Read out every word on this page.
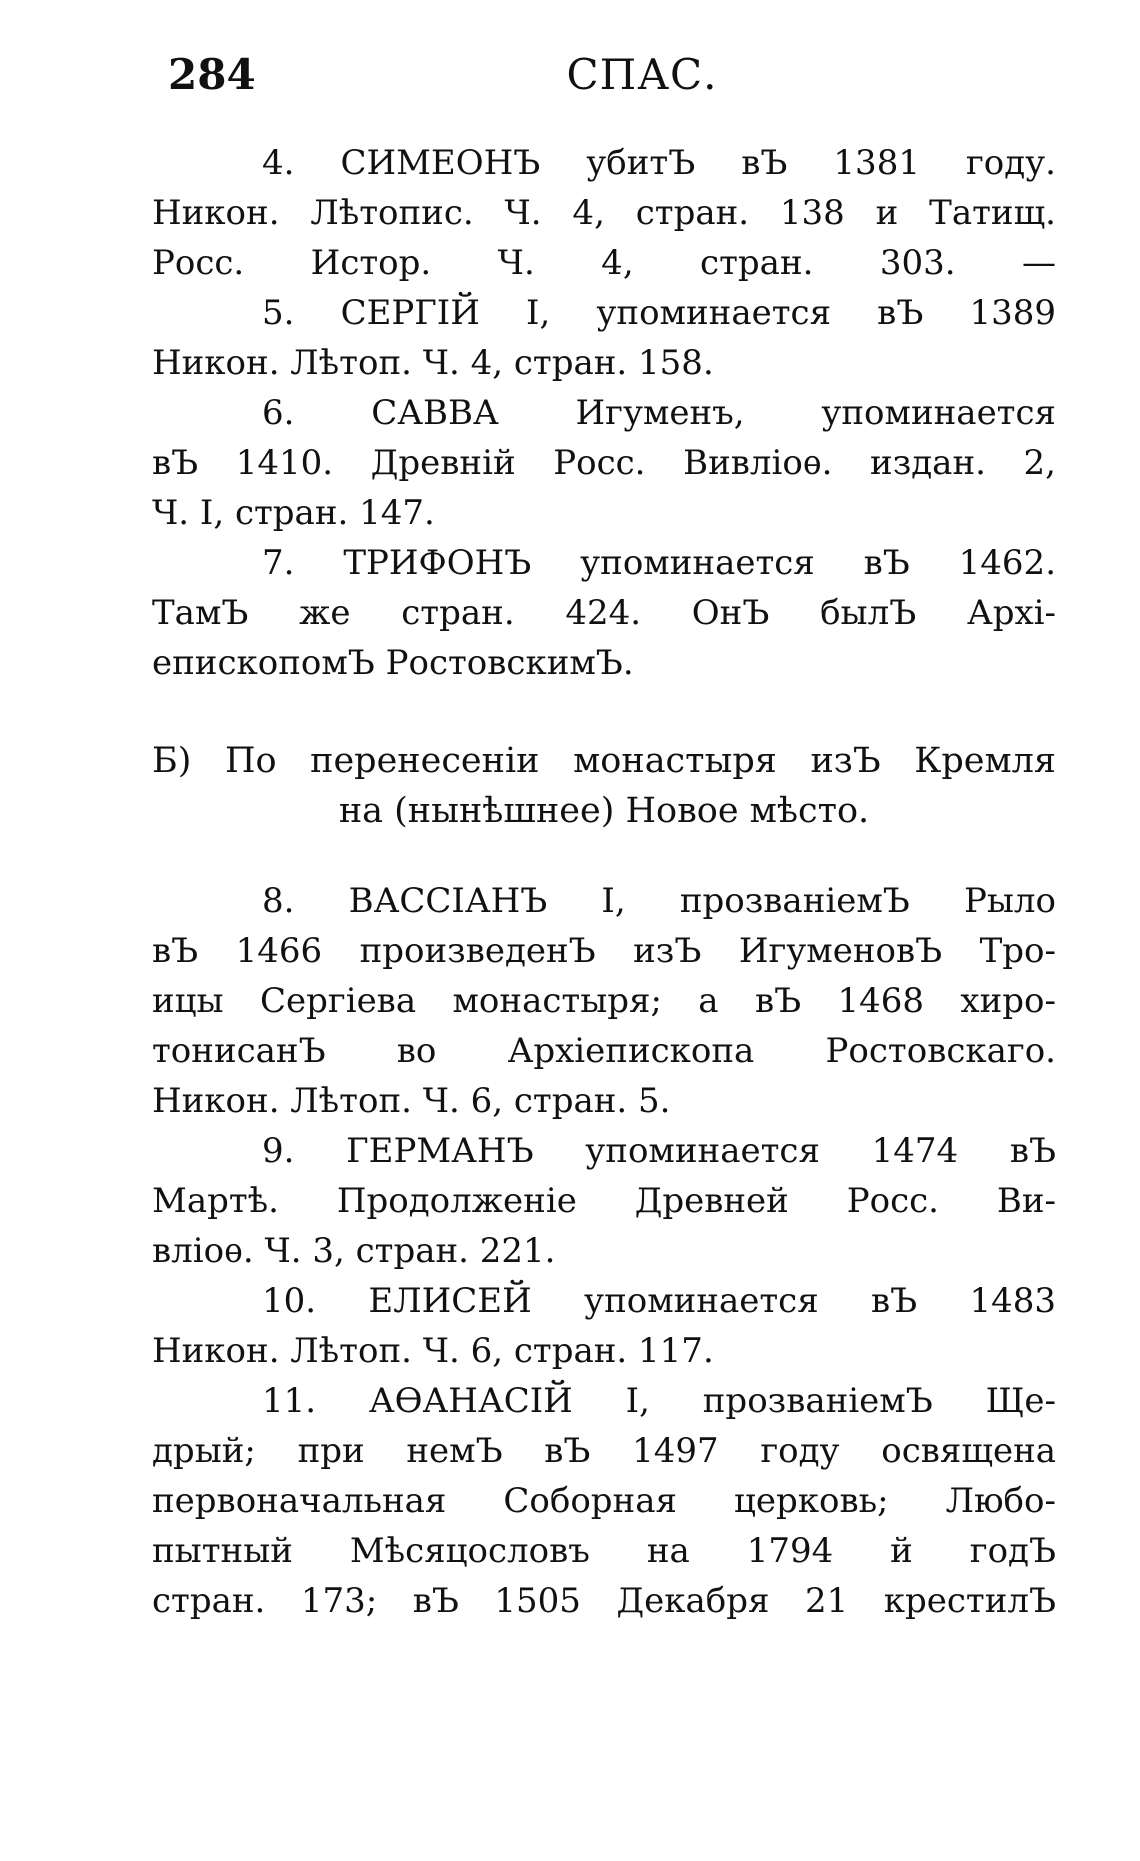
284	СПАС.
4. СИМЕОНЪ убитЪ вЪ 1381 году.
Никон. Лѣтопис. Ч. 4, стран. 138 и Татищ.
Росс. Истор. Ч. 4, стран. 303. —
5. СЕРГІЙ I, упоминается вЪ 1389
Никон. Лѣтоп. Ч. 4, стран. 158.
6. САВВА Игуменъ, упоминается
вЪ 1410. Древній Росс. Вивліоѳ. издан. 2,
Ч. I, стран. 147.
7. ТРИФОНЪ упоминается вЪ 1462.
ТамЪ же стран. 424. ОнЪ былЪ Архі-
епископомЪ РостовскимЪ.
Б) По перенесеніи монастыря изЪ Кремля
на (нынѣшнее) Новое мѣсто.
8. ВАССІАНЪ I, прозваніемЪ Рыло
вЪ 1466 произведенЪ изЪ ИгуменовЪ Тро-
ицы Сергіева монастыря; а вЪ 1468 хиро-
тонисанЪ во Архіепископа Ростовскаго.
Никон. Лѣтоп. Ч. 6, стран. 5.
9. ГЕРМАНЪ упоминается 1474 вЪ
Мартѣ. Продолженіе Древней Росс. Ви-
вліоѳ. Ч. 3, стран. 221.
10. ЕЛИСЕЙ упоминается вЪ 1483
Никон. Лѣтоп. Ч. 6, стран. 117.
11. АѲАНАСІЙ I, прозваніемЪ Ще-
дрый; при немЪ вЪ 1497 году освящена
первоначальная Соборная церковь; Любо-
пытный Мѣсяцословъ на 1794 й годЪ
стран. 173; вЪ 1505 Декабря 21 крестилЪ
